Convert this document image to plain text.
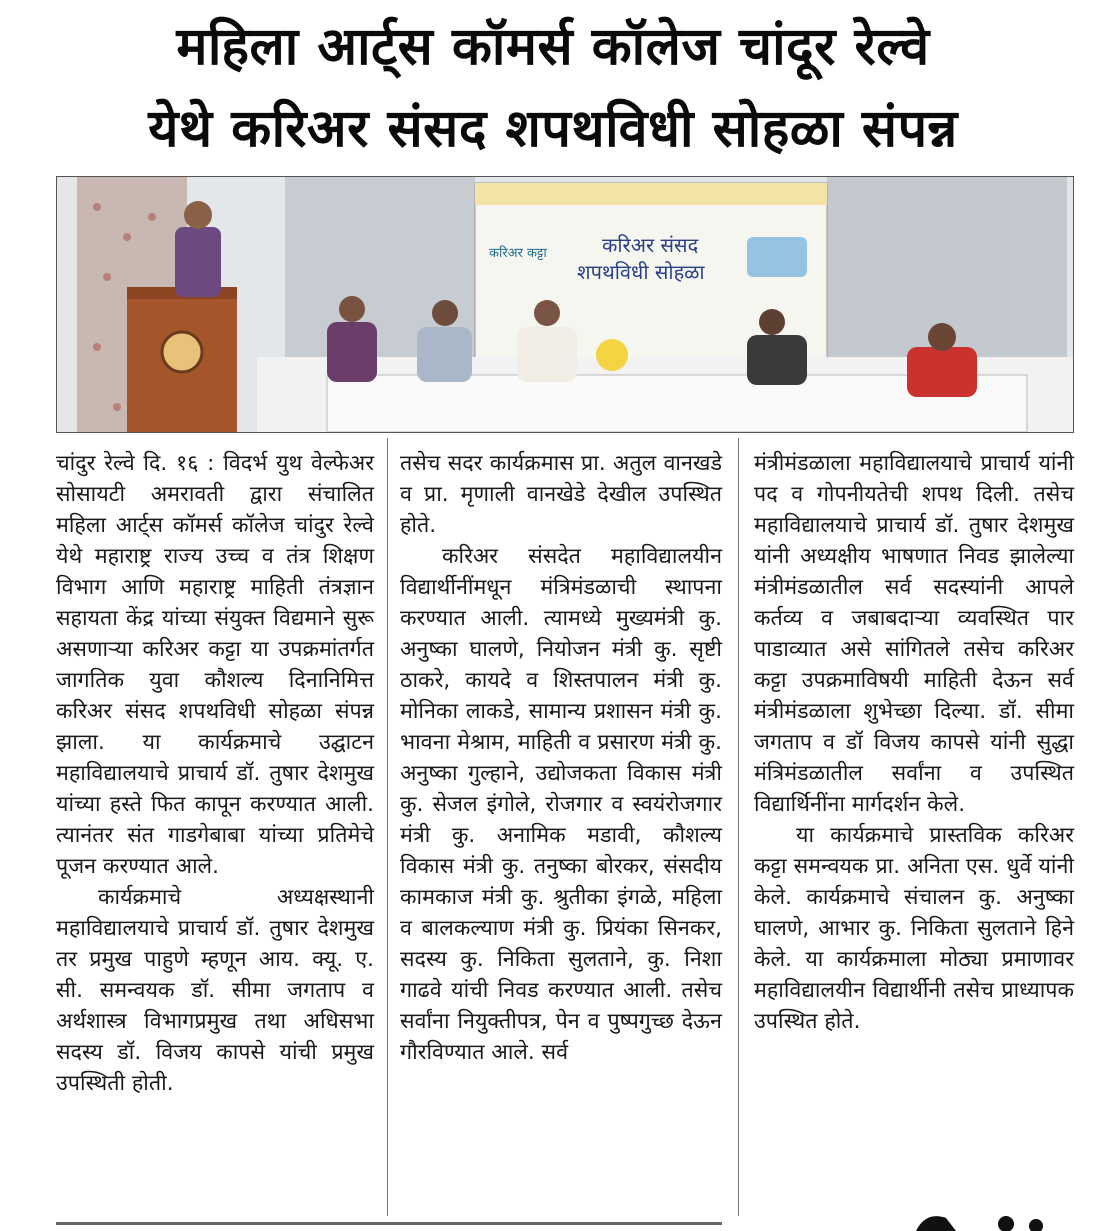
महिला आर्ट्स कॉमर्स कॉलेज चांदूर रेल्वे
येथे करिअर संसद शपथविधी सोहळा संपन्न
करिअर संसद
शपथविधी सोहळा
करिअर कट्टा

चांदुर रेल्वे दि. १६ : विदर्भ युथ वेल्फेअर सोसायटी अमरावती द्वारा संचालित महिला आर्ट्स कॉमर्स कॉलेज चांदुर रेल्वे येथे महाराष्ट्र राज्य उच्च व तंत्र शिक्षण विभाग आणि महाराष्ट्र माहिती तंत्रज्ञान सहायता केंद्र यांच्या संयुक्त विद्यमाने सुरू असणाऱ्या करिअर कट्टा या उपक्रमांतर्गत जागतिक युवा कौशल्य दिनानिमित्त करिअर संसद शपथविधी सोहळा संपन्न झाला. या कार्यक्रमाचे उद्घाटन महाविद्यालयाचे प्राचार्य डॉ. तुषार देशमुख यांच्या हस्ते फित कापून करण्यात आली. त्यानंतर संत गाडगेबाबा यांच्या प्रतिमेचे पूजन करण्यात आले.

कार्यक्रमाचे अध्यक्षस्थानी महाविद्यालयाचे प्राचार्य डॉ. तुषार देशमुख तर प्रमुख पाहुणे म्हणून आय. क्यू. ए. सी. समन्वयक डॉ. सीमा जगताप व अर्थशास्त्र विभागप्रमुख तथा अधिसभा सदस्य डॉ. विजय कापसे यांची प्रमुख उपस्थिती होती.

तसेच सदर कार्यक्रमास प्रा. अतुल वानखडे व प्रा. मृणाली वानखेडे देखील उपस्थित होते.

करिअर संसदेत महाविद्यालयीन विद्यार्थीनींमधून मंत्रिमंडळाची स्थापना करण्यात आली. त्यामध्ये मुख्यमंत्री कु. अनुष्का घालणे, नियोजन मंत्री कु. सृष्टी ठाकरे, कायदे व शिस्तपालन मंत्री कु. मोनिका लाकडे, सामान्य प्रशासन मंत्री कु. भावना मेश्राम, माहिती व प्रसारण मंत्री कु. अनुष्का गुल्हाने, उद्योजकता विकास मंत्री कु. सेजल इंगोले, रोजगार व स्वयंरोजगार मंत्री कु. अनामिक मडावी, कौशल्य विकास मंत्री कु. तनुष्का बोरकर, संसदीय कामकाज मंत्री कु. श्रुतीका इंगळे, महिला व बालकल्याण मंत्री कु. प्रियंका सिनकर, सदस्य कु. निकिता सुलताने, कु. निशा गाढवे यांची निवड करण्यात आली. तसेच सर्वांना नियुक्तीपत्र, पेन व पुष्पगुच्छ देऊन गौरविण्यात आले. सर्व

मंत्रीमंडळाला महाविद्यालयाचे प्राचार्य यांनी पद व गोपनीयतेची शपथ दिली. तसेच महाविद्यालयाचे प्राचार्य डॉ. तुषार देशमुख यांनी अध्यक्षीय भाषणात निवड झालेल्या मंत्रीमंडळातील सर्व सदस्यांनी आपले कर्तव्य व जबाबदाऱ्या व्यवस्थित पार पाडाव्यात असे सांगितले तसेच करिअर कट्टा उपक्रमाविषयी माहिती देऊन सर्व मंत्रीमंडळाला शुभेच्छा दिल्या. डॉ. सीमा जगताप व डॉ विजय कापसे यांनी सुद्धा मंत्रिमंडळातील सर्वांना व उपस्थित विद्यार्थिनींना मार्गदर्शन केले.

या कार्यक्रमाचे प्रास्तविक करिअर कट्टा समन्वयक प्रा. अनिता एस. धुर्वे यांनी केले. कार्यक्रमाचे संचालन कु. अनुष्का घालणे, आभार कु. निकिता सुलताने हिने केले. या कार्यक्रमाला मोठ्या प्रमाणावर महाविद्यालयीन विद्यार्थीनी तसेच प्राध्यापक उपस्थित होते.
